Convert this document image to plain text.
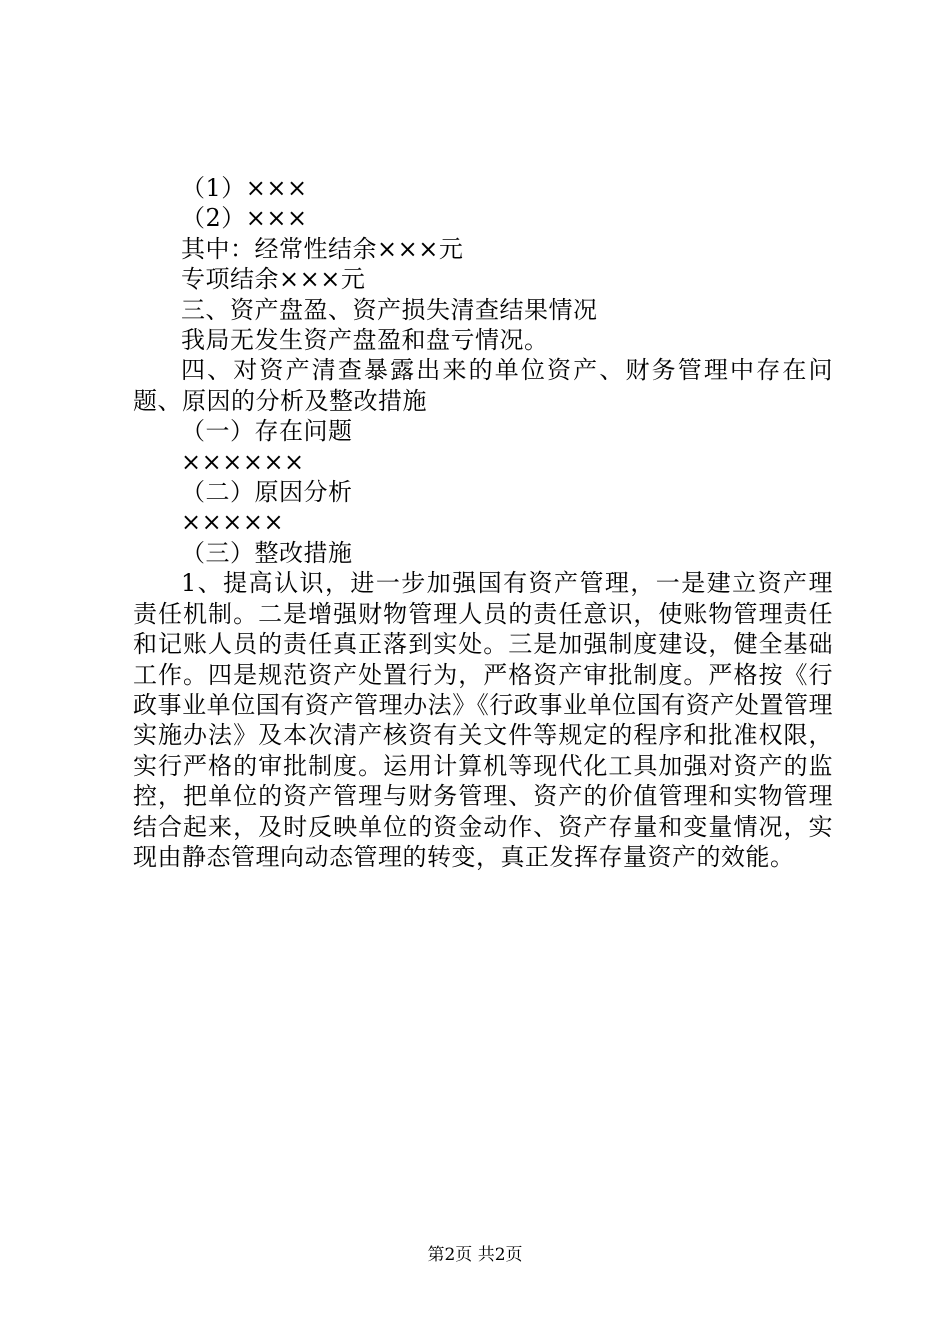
（1）×××

（2）×××

其中：经常性结余×××元

专项结余×××元

三、资产盘盈、资产损失清查结果情况

我局无发生资产盘盈和盘亏情况。

四、对资产清查暴露出来的单位资产、财务管理中存在问题、原因的分析及整改措施

（一）存在问题

××××××

（二）原因分析

×××××

（三）整改措施

1、提高认识，进一步加强国有资产管理，一是建立资产理责任机制。二是增强财物管理人员的责任意识，使账物管理责任和记账人员的责任真正落到实处。三是加强制度建设，健全基础工作。四是规范资产处置行为，严格资产审批制度。严格按《行政事业单位国有资产管理办法》《行政事业单位国有资产处置管理实施办法》及本次清产核资有关文件等规定的程序和批准权限，实行严格的审批制度。运用计算机等现代化工具加强对资产的监控，把单位的资产管理与财务管理、资产的价值管理和实物管理结合起来，及时反映单位的资金动作、资产存量和变量情况，实现由静态管理向动态管理的转变，真正发挥存量资产的效能。

第2页 共2页
